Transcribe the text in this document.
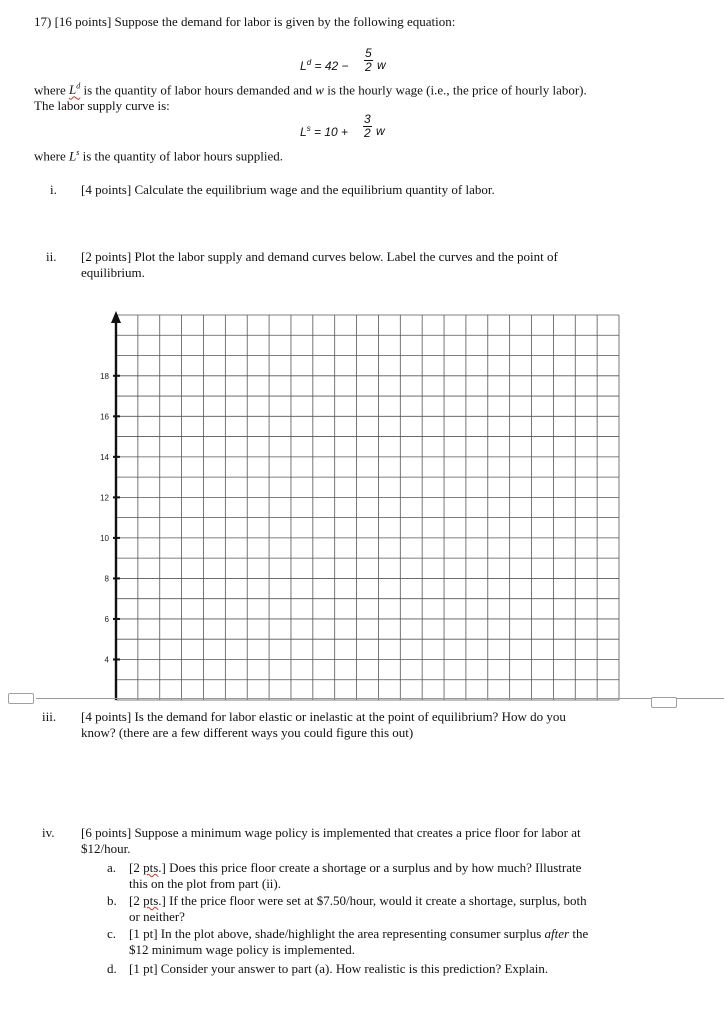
17) [16 points] Suppose the demand for labor is given by the following equation:
$L^d = 42 - \frac{5}{2}$ w
where $L^d$ is the quantity of labor hours demanded and w is the hourly wage (i.e., the price of hourly labor).
The labor supply curve is:
$L^s = 10 + \frac{3}{2}$ w
where $L^s$ is the quantity of labor hours supplied.
i. [4 points] Calculate the equilibrium wage and the equilibrium quantity of labor.
ii. [2 points] Plot the labor supply and demand curves below. Label the curves and the point of
equilibrium.
18
16
14
12
10
8
6
4
iii. [4 points] Is the demand for labor elastic or inelastic at the point of equilibrium? How do you
know? (there are a few different ways you could figure this out)
iv. [6 points] Suppose a minimum wage policy is implemented that creates a price floor for labor at
$12/hour.
a. [2 pts.] Does this price floor create a shortage or a surplus and by how much? Illustrate
this on the plot from part (ii).
b. [2 pts.] If the price floor were set at $7.50/hour, would it create a shortage, surplus, both
or neither?
c. [1 pt] In the plot above, shade/highlight the area representing consumer surplus after the
$12 minimum wage policy is implemented.
d. [1 pt] Consider your answer to part (a). How realistic is this prediction? Explain.
